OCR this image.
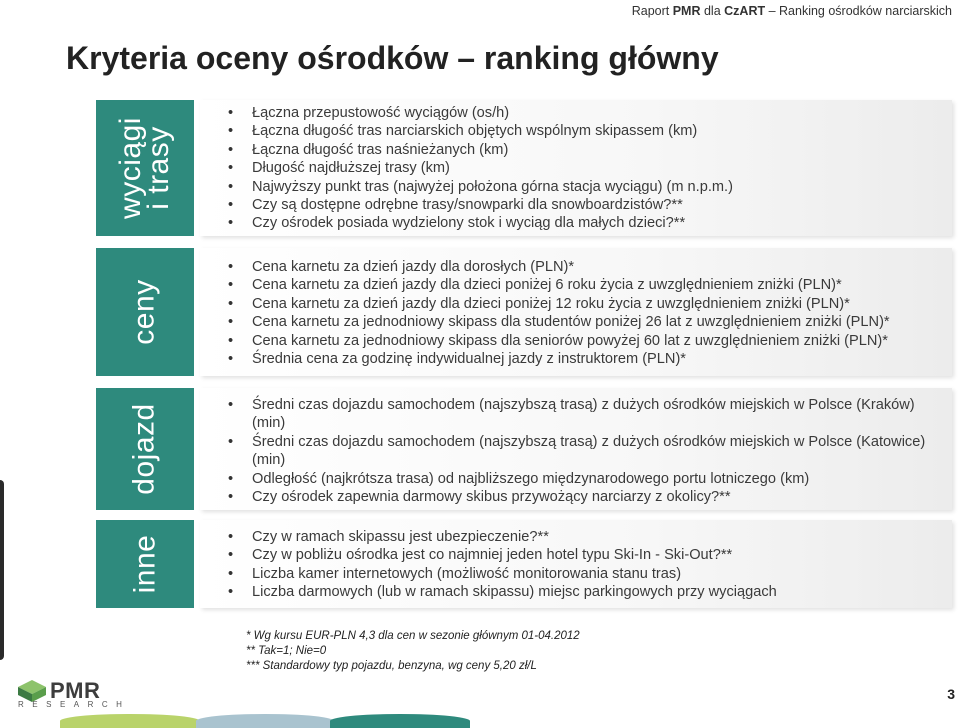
Raport PMR dla CzART – Ranking ośrodków narciarskich
Kryteria oceny ośrodków – ranking główny
wyciągi i trasy
• Łączna przepustowość wyciągów (os/h)
• Łączna długość tras narciarskich objętych wspólnym skipassem (km)
• Łączna długość tras naśnieżanych (km)
• Długość najdłuższej trasy (km)
• Najwyższy punkt tras (najwyżej położona górna stacja wyciągu) (m n.p.m.)
• Czy są dostępne odrębne trasy/snowparki dla snowboardzistów?**
• Czy ośrodek posiada wydzielony stok i wyciąg dla małych dzieci?**
ceny
• Cena karnetu za dzień jazdy dla dorosłych (PLN)*
• Cena karnetu za dzień jazdy dla dzieci poniżej 6 roku życia z uwzględnieniem zniżki (PLN)*
• Cena karnetu za dzień jazdy dla dzieci poniżej 12 roku życia z uwzględnieniem zniżki (PLN)*
• Cena karnetu za jednodniowy skipass dla studentów poniżej 26 lat z uwzględnieniem zniżki (PLN)*
• Cena karnetu za jednodniowy skipass dla seniorów powyżej 60 lat z uwzględnieniem zniżki (PLN)*
• Średnia cena za godzinę indywidualnej jazdy z instruktorem (PLN)*
dojazd	• Średni czas dojazdu samochodem (najszybszą trasą) z dużych ośrodków miejskich w Polsce (Kraków) (min)
• Średni czas dojazdu samochodem (najszybszą trasą) z dużych ośrodków miejskich w Polsce (Katowice) (min)
• Odległość (najkrótsza trasa) od najbliższego międzynarodowego portu lotniczego (km)
• Czy ośrodek zapewnia darmowy skibus przywożący narciarzy z okolicy?**
inne	• Czy w ramach skipassu jest ubezpieczenie?**
• Czy w pobliżu ośrodka jest co najmniej jeden hotel typu Ski-In - Ski-Out?**
• Liczba kamer internetowych (możliwość monitorowania stanu tras)
• Liczba darmowych (lub w ramach skipassu) miejsc parkingowych przy wyciągach
* Wg kursu EUR-PLN 4,3 dla cen w sezonie głównym 01-04.2012
** Tak=1; Nie=0
*** Standardowy typ pojazdu, benzyna, wg ceny 5,20 zł/L
PMR
RESEARCH
3
